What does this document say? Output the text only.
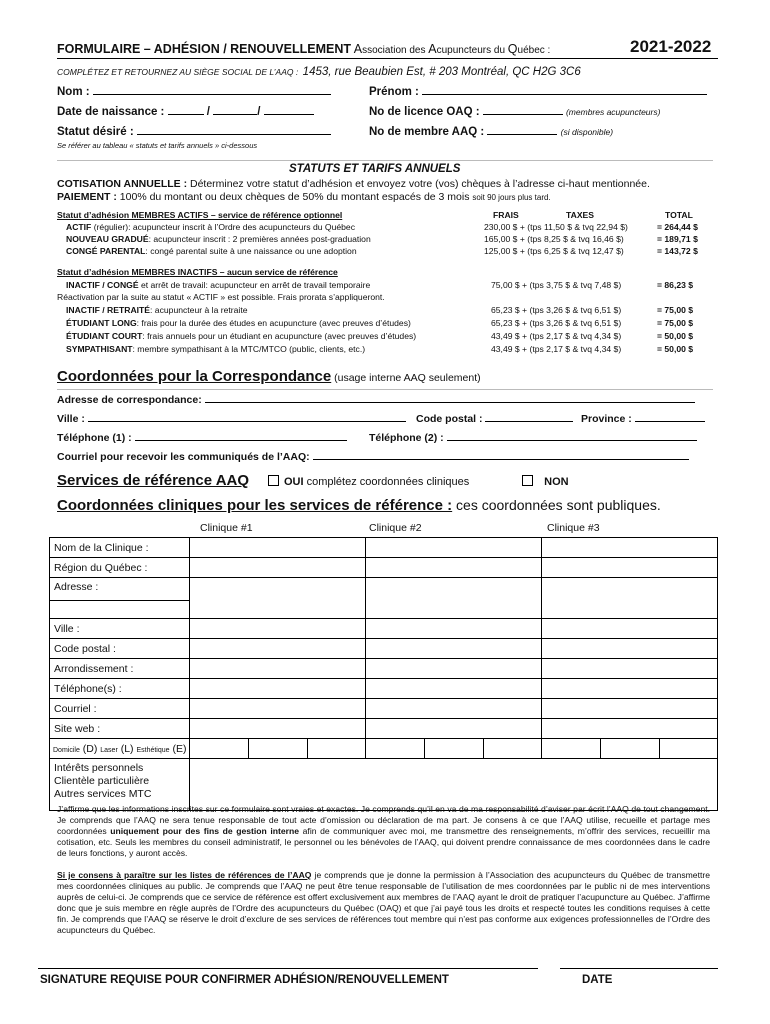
FORMULAIRE – ADHÉSION / RENOUVELLEMENT Association des Acupuncteurs du Québec :	2021-2022
COMPLÉTEZ ET RETOURNEZ AU SIÈGE SOCIAL DE L’AAQ : 1453, rue Beaubien Est, # 203 Montréal, QC H2G 3C6
Nom :	Prénom :
Date de naissance :	/	/	No de licence OAQ :	(membres acupuncteurs)
Statut désiré :	No de membre AAQ :	(si disponible)
Se référer au tableau « statuts et tarifs annuels » ci-dessous
STATUTS ET TARIFS ANNUELS
COTISATION ANNUELLE : Déterminez votre statut d’adhésion et envoyez votre (vos) chèques à l’adresse ci-haut mentionnée.
PAIEMENT : 100% du montant ou deux chèques de 50% du montant espacés de 3 mois soit 90 jours plus tard.
Statut d’adhésion MEMBRES ACTIFS – service de référence optionnel	FRAIS	TAXES	TOTAL
ACTIF (régulier): acupuncteur inscrit à l’Ordre des acupuncteurs du Québec	230,00 $ + (tps 11,50 $ & tvq 22,94 $)	= 264,44 $
NOUVEAU GRADUÉ: acupuncteur inscrit : 2 premières années post-graduation	165,00 $ + (tps 8,25 $ & tvq 16,46 $)	= 189,71 $
CONGÉ PARENTAL: congé parental suite à une naissance ou une adoption	125,00 $ + (tps 6,25 $ & tvq 12,47 $)	= 143,72 $
Statut d’adhésion MEMBRES INACTIFS – aucun service de référence
INACTIF / CONGÉ et arrêt de travail: acupuncteur en arrêt de travail temporaire	75,00 $ + (tps 3,75 $ & tvq 7,48 $)	= 86,23 $
Réactivation par la suite au statut « ACTIF » est possible. Frais prorata s’appliqueront.
INACTIF / RETRAITÉ: acupuncteur à la retraite	65,23 $ + (tps 3,26 $ & tvq 6,51 $)	= 75,00 $
ÉTUDIANT LONG: frais pour la durée des études en acupuncture (avec preuves d’études)	65,23 $ + (tps 3,26 $ & tvq 6,51 $)	= 75,00 $
ÉTUDIANT COURT: frais annuels pour un étudiant en acupuncture (avec preuves d’études)	43,49 $ + (tps 2,17 $ & tvq 4,34 $)	= 50,00 $
SYMPATHISANT: membre sympathisant à la MTC/MTCO (public, clients, etc.)	43,49 $ + (tps 2,17 $ & tvq 4,34 $)	= 50,00 $
Coordonnées pour la Correspondance (usage interne AAQ seulement)
Adresse de correspondance:
Ville :	Code postal :	Province :
Téléphone (1) :	Téléphone (2) :
Courriel pour recevoir les communiqués de l’AAQ:
Services de référence AAQ	OUI complétez coordonnées cliniques	NON
Coordonnées cliniques pour les services de référence : ces coordonnées sont publiques.
Clinique #1	Clinique #2	Clinique #3
Nom de la Clinique :			
Région du Québec :			
Adresse :			

Ville :			
Code postal :			
Arrondissement :			
Téléphone(s) :			
Courriel :			
Site web :			
Domicile (D) Laser (L) Esthétique (E)	

Intérêts personnels
Clientèle particulière
Autres services MTC			

J’affirme que les informations inscrites sur ce formulaire sont vraies et exactes. Je comprends qu’il en va de ma responsabilité d’aviser par écrit l’AAQ de tout changement. Je comprends que l’AAQ ne sera tenue responsable de tout acte d’omission ou déclaration de ma part. Je consens à ce que l’AAQ utilise, recueille et partage mes coordonnées uniquement pour des fins de gestion interne afin de communiquer avec moi, me transmettre des renseignements, m’offrir des services, recueillir ma cotisation, etc. Seuls les membres du conseil administratif, le personnel ou les bénévoles de l’AAQ, qui doivent prendre connaissance de mes coordonnées dans le cadre de leurs fonctions, y auront accès.
Si je consens à paraître sur les listes de références de l’AAQ je comprends que je donne la permission à l’Association des acupuncteurs du Québec de transmettre mes coordonnées cliniques au public. Je comprends que l’AAQ ne peut être tenue responsable de l’utilisation de mes coordonnées par le public ni de mes interventions auprès de celui-ci. Je comprends que ce service de référence est offert exclusivement aux membres de l’AAQ ayant le droit de pratiquer l’acupuncture au Québec. J’affirme donc que je suis membre en règle auprès de l’Ordre des acupuncteurs du Québec (OAQ) et que j’ai payé tous les droits et respecté toutes les conditions requises à cette fin. Je comprends que l’AAQ se réserve le droit d’exclure de ses services de références tout membre qui n’est pas conforme aux exigences professionnelles de l’Ordre des acupuncteurs du Québec.
SIGNATURE REQUISE POUR CONFIRMER ADHÉSION/RENOUVELLEMENT	DATE
